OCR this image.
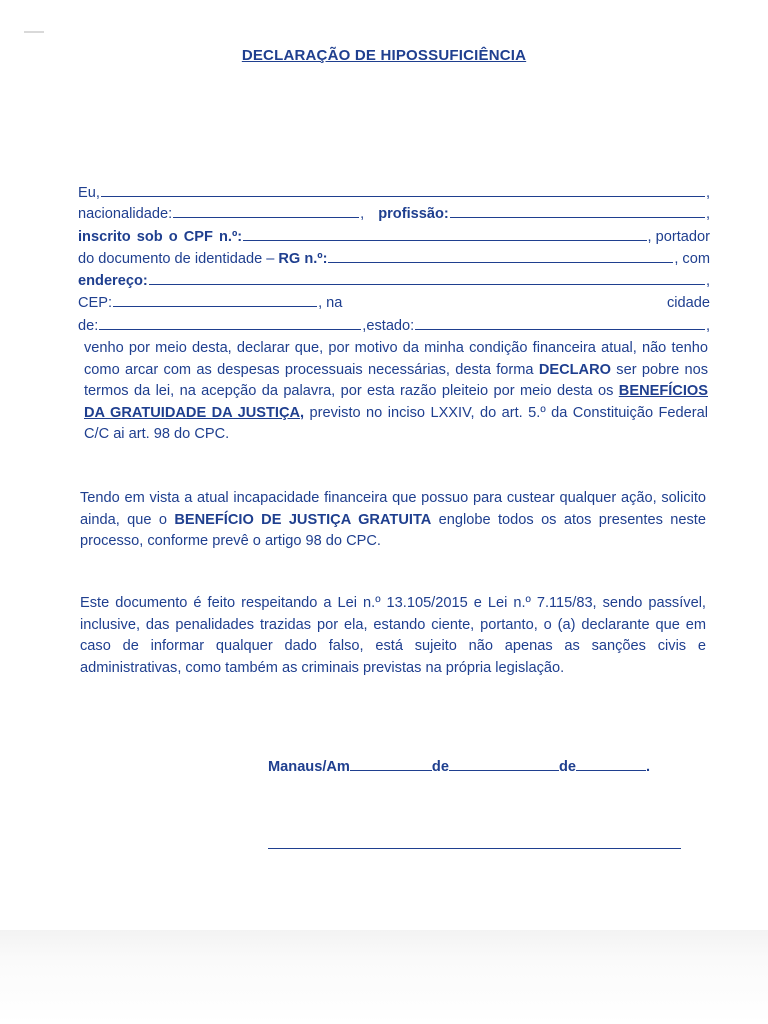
DECLARAÇÃO DE HIPOSSUFICIÊNCIA
Eu,	,
nacionalidade:	, profissão:	,
inscrito sob o CPF n.º:	, portador
do documento de identidade – RG n.º:	, com
endereço:	,
CEP:	, na	cidade
de:	,estado:	,
venho por meio desta, declarar que, por motivo da minha condição financeira atual, não tenho como arcar com as despesas processuais necessárias, desta forma DECLARO ser pobre nos termos da lei, na acepção da palavra, por esta razão pleiteio por meio desta os BENEFÍCIOS DA GRATUIDADE DA JUSTIÇA, previsto no inciso LXXIV, do art. 5.º da Constituição Federal C/C ai art. 98 do CPC.
Tendo em vista a atual incapacidade financeira que possuo para custear qualquer ação, solicito ainda, que o BENEFÍCIO DE JUSTIÇA GRATUITA englobe todos os atos presentes neste processo, conforme prevê o artigo 98 do CPC.
Este documento é feito respeitando a Lei n.º 13.105/2015 e Lei n.º 7.115/83, sendo passível, inclusive, das penalidades trazidas por ela, estando ciente, portanto, o (a) declarante que em caso de informar qualquer dado falso, está sujeito não apenas as sanções civis e administrativas, como também as criminais previstas na própria legislação.
Manaus/Am	de	de	.
